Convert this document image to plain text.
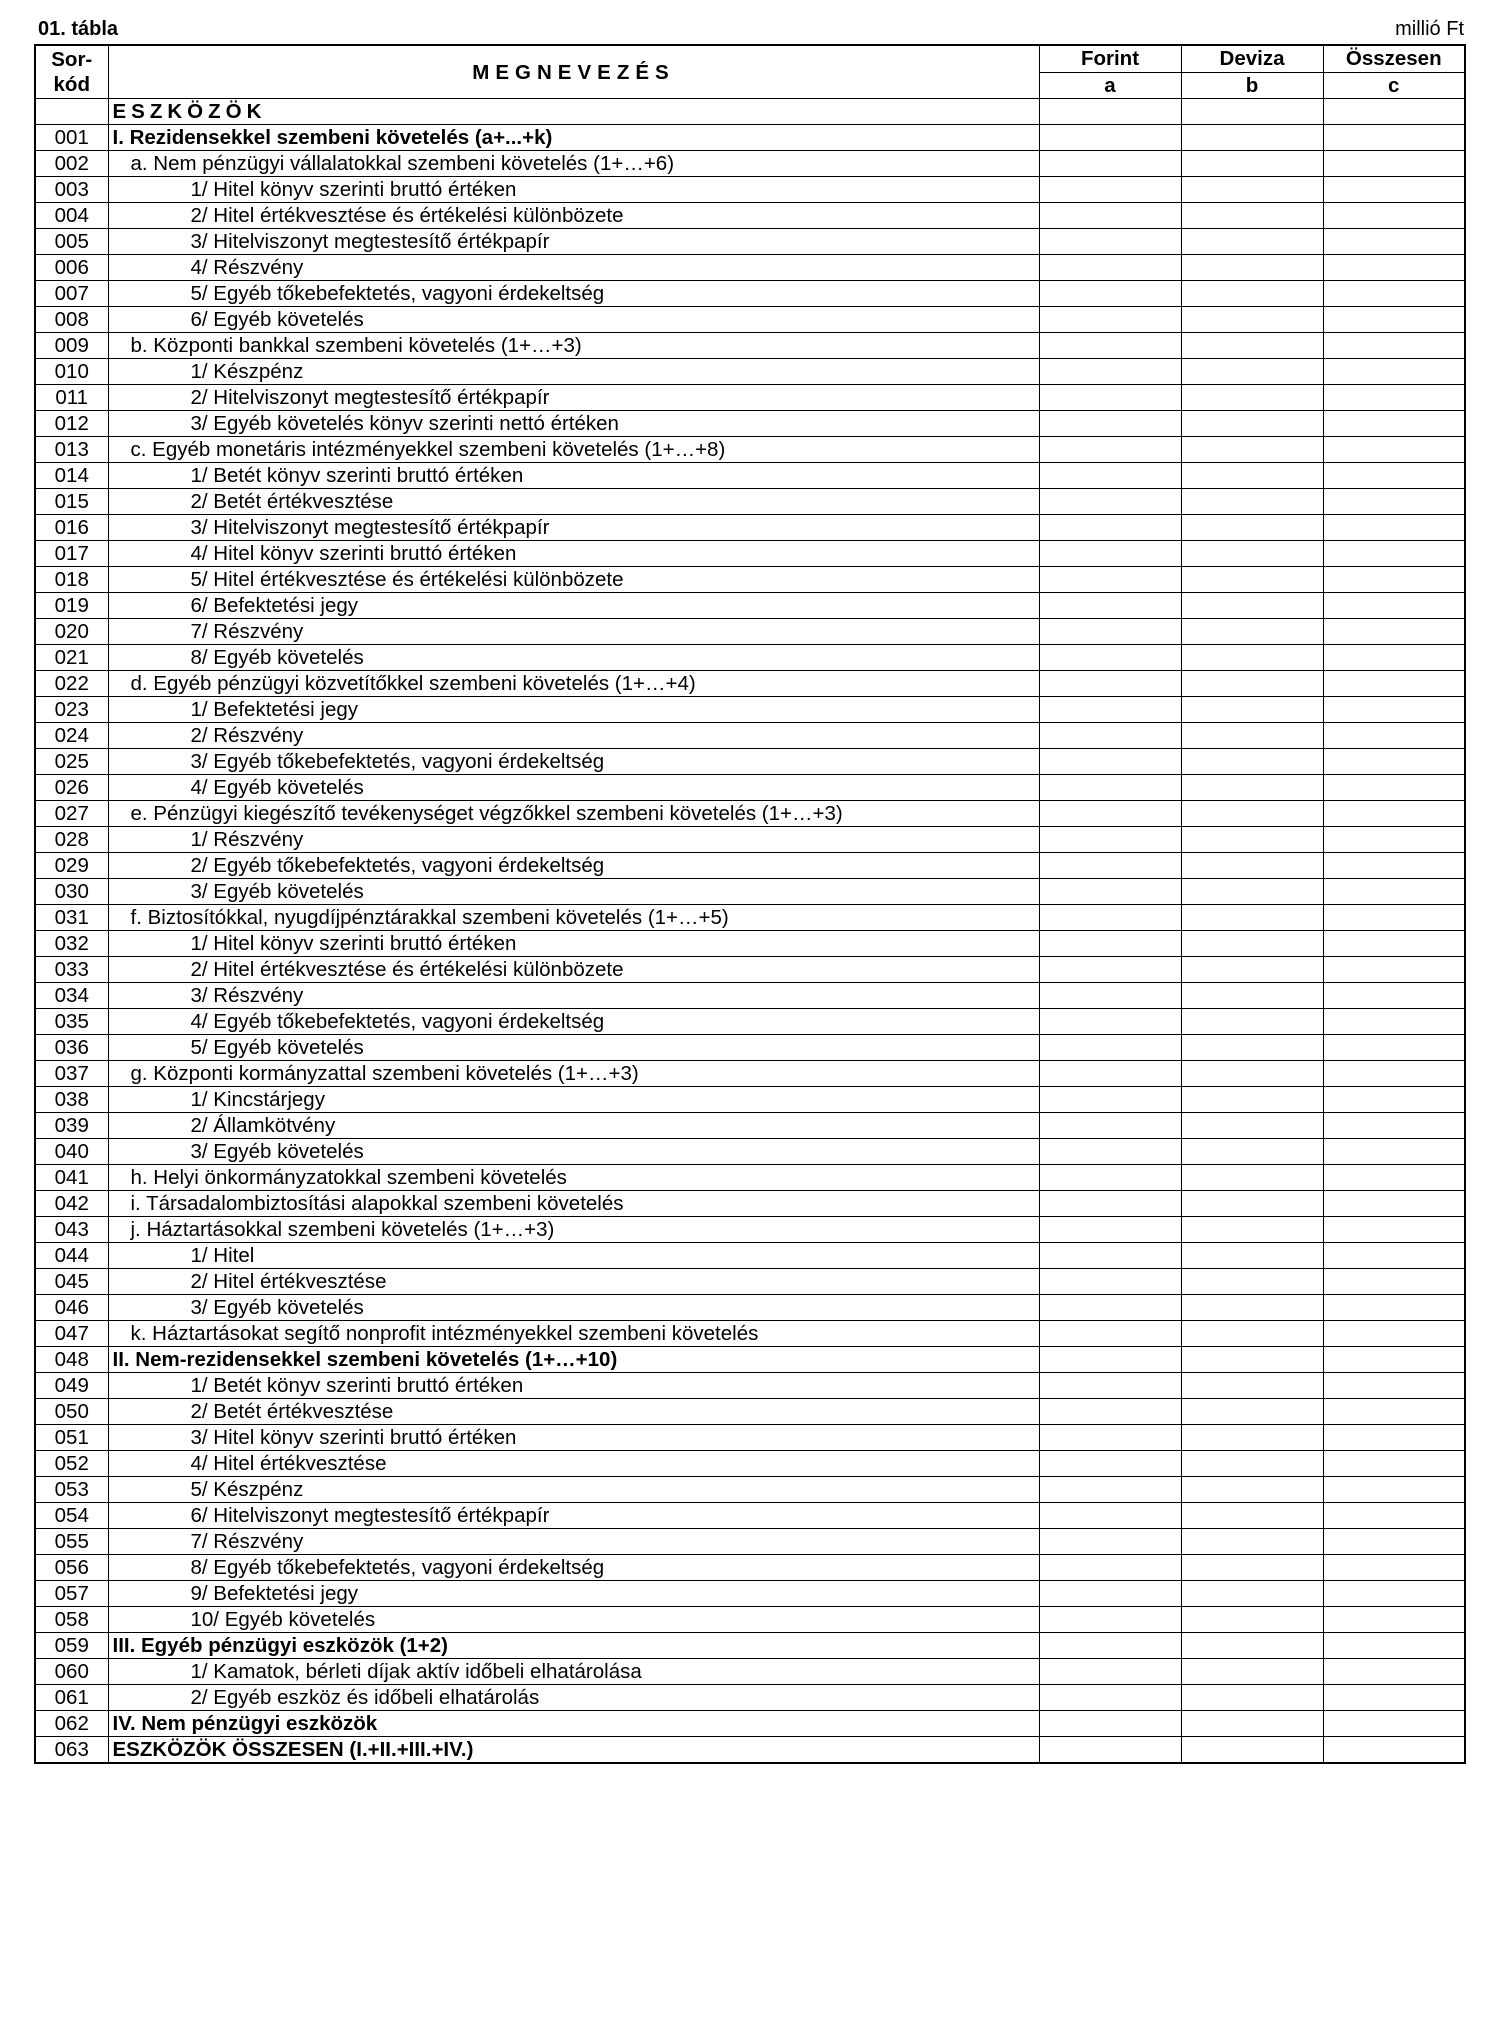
01. tábla	millió Ft
Sor-
kód	MEGNEVEZÉS	Forint	Deviza	Összesen
		a	b	c
	ESZKÖZÖK			
001	I. Rezidensekkel szembeni követelés (a+...+k)			
002	a. Nem pénzügyi vállalatokkal szembeni követelés (1+…+6)			
003	1/ Hitel könyv szerinti bruttó értéken			
004	2/ Hitel értékvesztése és értékelési különbözete			
005	3/ Hitelviszonyt megtestesítő értékpapír			
006	4/ Részvény			
007	5/ Egyéb tőkebefektetés, vagyoni érdekeltség			
008	6/ Egyéb követelés			
009	b. Központi bankkal szembeni követelés (1+…+3)			
010	1/ Készpénz			
011	2/ Hitelviszonyt megtestesítő értékpapír			
012	3/ Egyéb követelés könyv szerinti nettó értéken			
013	c. Egyéb monetáris intézményekkel szembeni követelés (1+…+8)			
014	1/ Betét könyv szerinti bruttó értéken			
015	2/ Betét értékvesztése			
016	3/ Hitelviszonyt megtestesítő értékpapír			
017	4/ Hitel könyv szerinti bruttó értéken			
018	5/ Hitel értékvesztése és értékelési különbözete			
019	6/ Befektetési jegy			
020	7/ Részvény			
021	8/ Egyéb követelés			
022	d. Egyéb pénzügyi közvetítőkkel szembeni követelés (1+…+4)			
023	1/ Befektetési jegy			
024	2/ Részvény			
025	3/ Egyéb tőkebefektetés, vagyoni érdekeltség			
026	4/ Egyéb követelés			
027	e. Pénzügyi kiegészítő tevékenységet végzőkkel szembeni követelés (1+…+3)			
028	1/ Részvény			
029	2/ Egyéb tőkebefektetés, vagyoni érdekeltség			
030	3/ Egyéb követelés			
031	f. Biztosítókkal, nyugdíjpénztárakkal szembeni követelés (1+…+5)			
032	1/ Hitel könyv szerinti bruttó értéken			
033	2/ Hitel értékvesztése és értékelési különbözete			
034	3/ Részvény			
035	4/ Egyéb tőkebefektetés, vagyoni érdekeltség			
036	5/ Egyéb követelés			
037	g. Központi kormányzattal szembeni követelés (1+…+3)			
038	1/ Kincstárjegy			
039	2/ Államkötvény			
040	3/ Egyéb követelés			
041	h. Helyi önkormányzatokkal szembeni követelés			
042	i. Társadalombiztosítási alapokkal szembeni követelés			
043	j. Háztartásokkal szembeni követelés (1+…+3)			
044	1/ Hitel			
045	2/ Hitel értékvesztése			
046	3/ Egyéb követelés			
047	k. Háztartásokat segítő nonprofit intézményekkel szembeni követelés			
048	II. Nem-rezidensekkel szembeni követelés (1+…+10)			
049	1/ Betét könyv szerinti bruttó értéken			
050	2/ Betét értékvesztése			
051	3/ Hitel könyv szerinti bruttó értéken			
052	4/ Hitel értékvesztése			
053	5/ Készpénz			
054	6/ Hitelviszonyt megtestesítő értékpapír			
055	7/ Részvény			
056	8/ Egyéb tőkebefektetés, vagyoni érdekeltség			
057	9/ Befektetési jegy			
058	10/ Egyéb követelés			
059	III. Egyéb pénzügyi eszközök (1+2)			
060	1/ Kamatok, bérleti díjak aktív időbeli elhatárolása			
061	2/ Egyéb eszköz és időbeli elhatárolás			
062	IV. Nem pénzügyi eszközök			
063	ESZKÖZÖK ÖSSZESEN (I.+II.+III.+IV.)			
